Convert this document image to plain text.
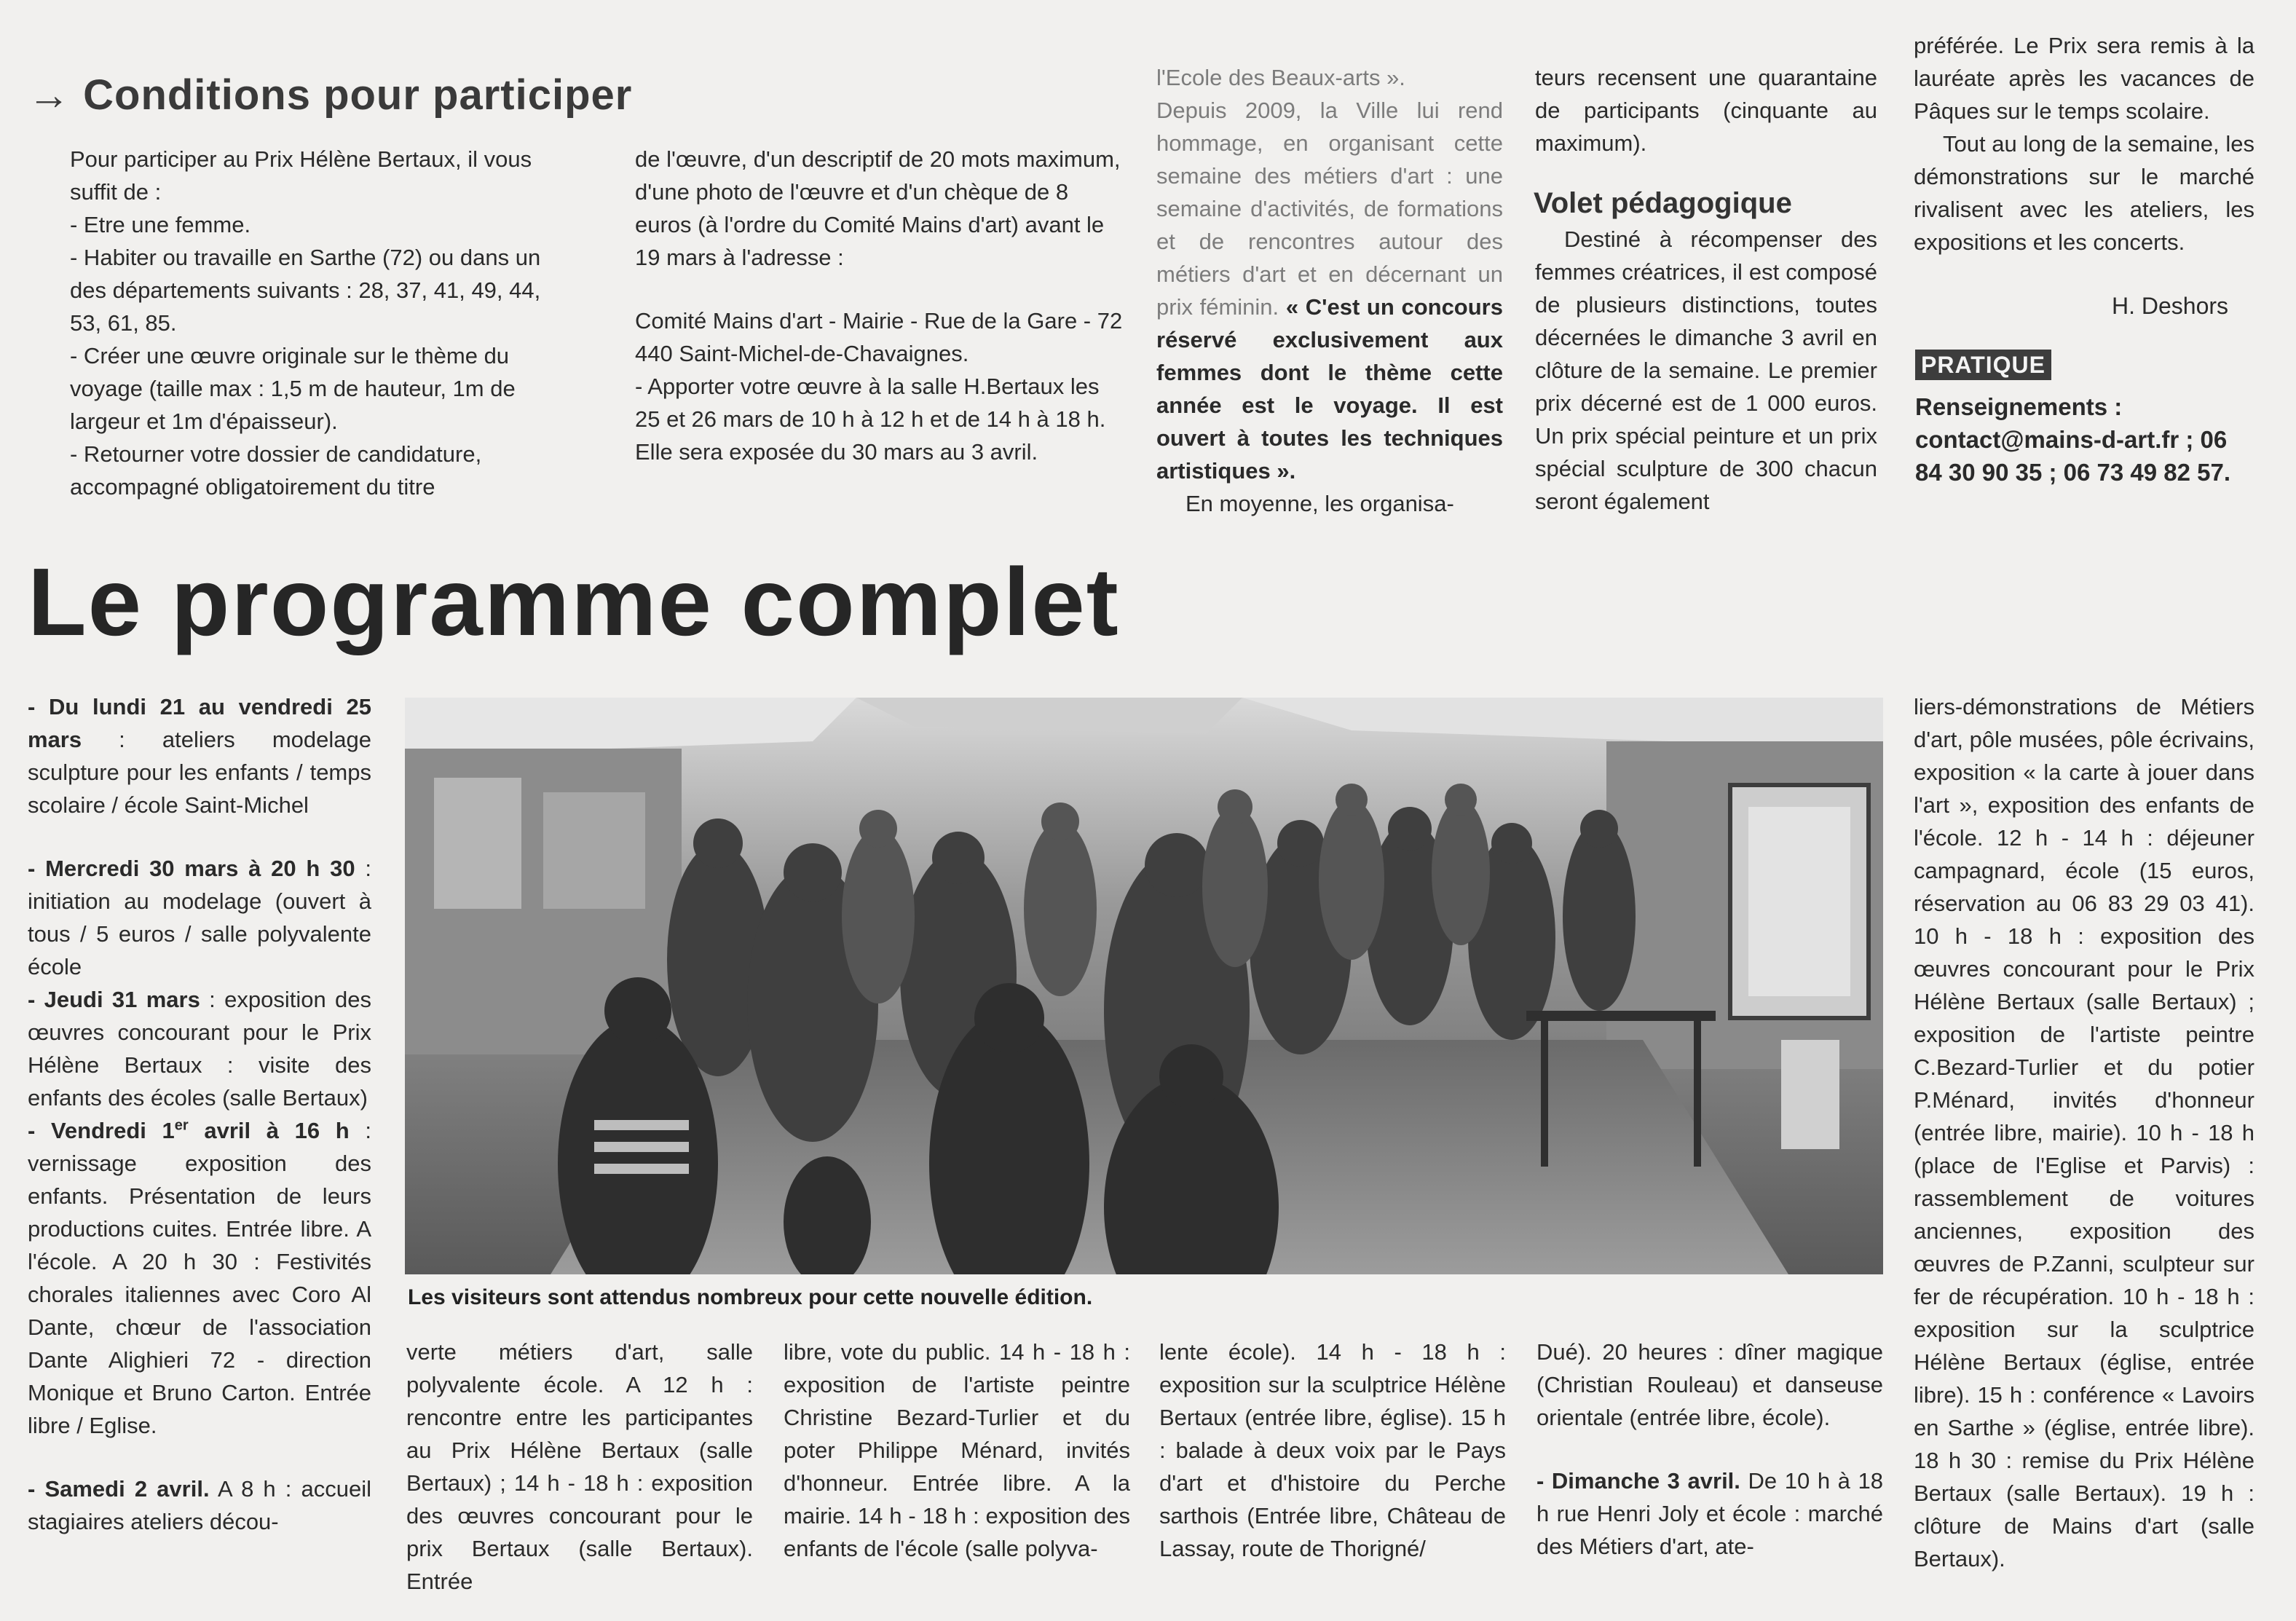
→ Conditions pour participer

Pour participer au Prix Hélène Bertaux, il vous suffit de :

- Etre une femme.

- Habiter ou travaille en Sarthe (72) ou dans un des départements suivants : 28, 37, 41, 49, 44, 53, 61, 85.

- Créer une œuvre originale sur le thème du voyage (taille max : 1,5 m de hauteur, 1m de largeur et 1m d'épaisseur).

- Retourner votre dossier de candidature, accompagné obligatoirement du titre

de l'œuvre, d'un descriptif de 20 mots maximum, d'une photo de l'œuvre et d'un chèque de 8 euros (à l'ordre du Comité Mains d'art) avant le 19 mars à l'adresse :

Comité Mains d'art - Mairie - Rue de la Gare - 72 440 Saint-Michel-de-Chavaignes.

- Apporter votre œuvre à la salle H.Bertaux les 25 et 26 mars de 10 h à 12 h et de 14 h à 18 h. Elle sera exposée du 30 mars au 3 avril.

l'Ecole des Beaux-arts ».

Depuis 2009, la Ville lui rend hommage, en organisant cette semaine des métiers d'art : une semaine d'activités, de formations et de rencontres autour des métiers d'art et en décernant un prix féminin. « C'est un concours réservé exclusivement aux femmes dont le thème cette année est le voyage. Il est ouvert à toutes les techniques artistiques ».

En moyenne, les organisa-

teurs recensent une quarantaine de participants (cinquante au maximum).

Volet pédagogique

Destiné à récompenser des femmes créatrices, il est composé de plusieurs distinctions, toutes décernées le dimanche 3 avril en clôture de la semaine. Le premier prix décerné est de 1 000 euros. Un prix spécial peinture et un prix spécial sculpture de 300 chacun seront également

préférée. Le Prix sera remis à la lauréate après les vacances de Pâques sur le temps scolaire.

Tout au long de la semaine, les démonstrations sur le marché rivalisent avec les ateliers, les expositions et les concerts.

H. Deshors
PRATIQUE

Renseignements :

contact@mains-d-art.fr ; 06 84 30 90 35 ; 06 73 49 82 57.

Le programme complet

- Du lundi 21 au vendredi 25 mars : ateliers modelage sculpture pour les enfants / temps scolaire / école Saint-Michel

- Mercredi 30 mars à 20 h 30 : initiation au modelage (ouvert à tous / 5 euros / salle polyvalente école

- Jeudi 31 mars : exposition des œuvres concourant pour le Prix Hélène Bertaux : visite des enfants des écoles (salle Bertaux)

- Vendredi 1er avril à 16 h : vernissage exposition des enfants. Présentation de leurs productions cuites. Entrée libre. A l'école. A 20 h 30 : Festivités chorales italiennes avec Coro Al Dante, chœur de l'association Dante Alighieri 72 - direction Monique et Bruno Carton. Entrée libre / Eglise.

- Samedi 2 avril. A 8 h : accueil stagiaires ateliers décou-

Les visiteurs sont attendus nombreux pour cette nouvelle édition.

verte métiers d'art, salle polyvalente école. A 12 h : rencontre entre les participantes au Prix Hélène Bertaux (salle Bertaux) ; 14 h - 18 h : exposition des œuvres concourant pour le prix Bertaux (salle Bertaux). Entrée

libre, vote du public. 14 h - 18 h : exposition de l'artiste peintre Christine Bezard-Turlier et du poter Philippe Ménard, invités d'honneur. Entrée libre. A la mairie. 14 h - 18 h : exposition des enfants de l'école (salle polyva-

lente école). 14 h - 18 h : exposition sur la sculptrice Hélène Bertaux (entrée libre, église). 15 h : balade à deux voix par le Pays d'art et d'histoire du Perche sarthois (Entrée libre, Château de Lassay, route de Thorigné/

Dué). 20 heures : dîner magique (Christian Rouleau) et danseuse orientale (entrée libre, école).

- Dimanche 3 avril. De 10 h à 18 h rue Henri Joly et école : marché des Métiers d'art, ate-

liers-démonstrations de Métiers d'art, pôle musées, pôle écrivains, exposition « la carte à jouer dans l'art », exposition des enfants de l'école. 12 h - 14 h : déjeuner campagnard, école (15 euros, réservation au 06 83 29 03 41). 10 h - 18 h : exposition des œuvres concourant pour le Prix Hélène Bertaux (salle Bertaux) ; exposition de l'artiste peintre C.Bezard-Turlier et du potier P.Ménard, invités d'honneur (entrée libre, mairie). 10 h - 18 h (place de l'Eglise et Parvis) : rassemblement de voitures anciennes, exposition des œuvres de P.Zanni, sculpteur sur fer de récupération. 10 h - 18 h : exposition sur la sculptrice Hélène Bertaux (église, entrée libre). 15 h : conférence « Lavoirs en Sarthe » (église, entrée libre). 18 h 30 : remise du Prix Hélène Bertaux (salle Bertaux). 19 h : clôture de Mains d'art (salle Bertaux).
